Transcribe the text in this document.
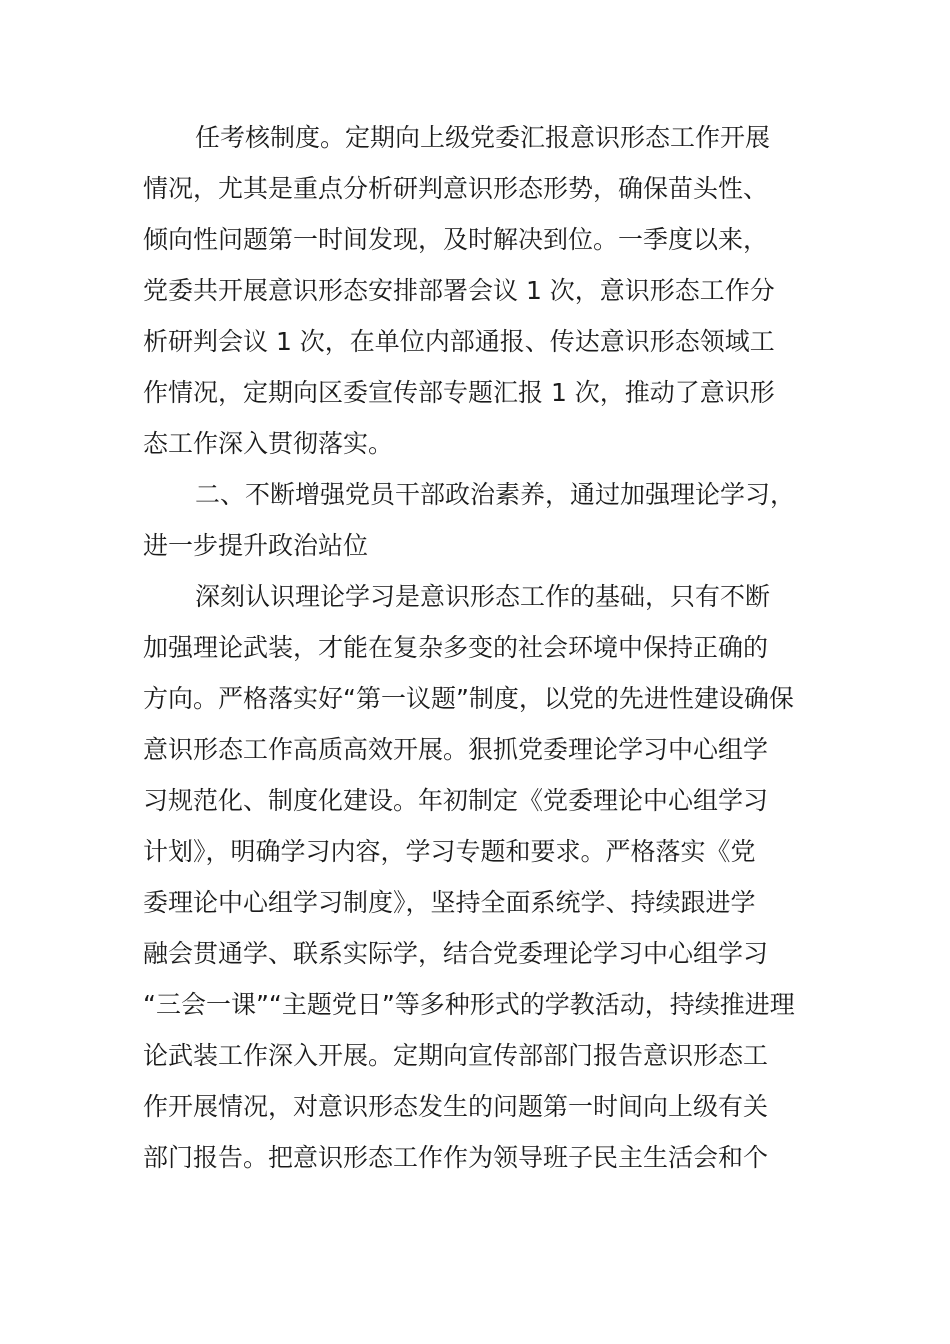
任考核制度。定期向上级党委汇报意识形态工作开展
情况，尤其是重点分析研判意识形态形势，确保苗头性、
倾向性问题第一时间发现，及时解决到位。一季度以来，
党委共开展意识形态安排部署会议 1 次，意识形态工作分
析研判会议 1 次，在单位内部通报、传达意识形态领域工
作情况，定期向区委宣传部专题汇报 1 次，推动了意识形
态工作深入贯彻落实。
二、不断增强党员干部政治素养，通过加强理论学习，
进一步提升政治站位
深刻认识理论学习是意识形态工作的基础，只有不断
加强理论武装，才能在复杂多变的社会环境中保持正确的
方向。严格落实好“第一议题”制度，以党的先进性建设确保
意识形态工作高质高效开展。狠抓党委理论学习中心组学
习规范化、制度化建设。年初制定《党委理论中心组学习
计划》，明确学习内容，学习专题和要求。严格落实《党
委理论中心组学习制度》，坚持全面系统学、持续跟进学
融会贯通学、联系实际学，结合党委理论学习中心组学习
“三会一课”“主题党日”等多种形式的学教活动，持续推进理
论武装工作深入开展。定期向宣传部部门报告意识形态工
作开展情况，对意识形态发生的问题第一时间向上级有关
部门报告。把意识形态工作作为领导班子民主生活会和个
